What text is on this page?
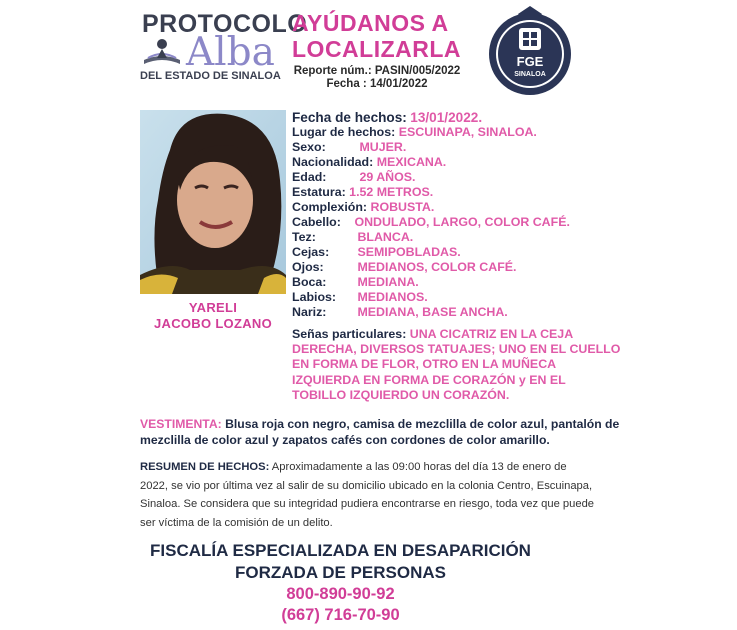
PROTOCOLO
Alba
DEL ESTADO DE SINALOA
AYÚDANOS A
LOCALIZARLA
Reporte núm.: PASIN/005/2022
Fecha : 14/01/2022
FGE
SINALOA
YARELI
JACOBO LOZANO
Fecha de hechos: 13/01/2022.
Lugar de hechos: ESCUINAPA, SINALOA.
Sexo:	MUJER.
Nacionalidad: MEXICANA.
Edad:	29 AÑOS.
Estatura: 1.52 METROS.
Complexión: ROBUSTA.
Cabello: ONDULADO, LARGO, COLOR CAFÉ.
Tez:	BLANCA.
Cejas: SEMIPOBLADAS.
Ojos:	MEDIANOS, COLOR CAFÉ.
Boca:	MEDIANA.
Labios: MEDIANOS.
Nariz:	MEDIANA, BASE ANCHA.
Señas particulares: UNA CICATRIZ EN LA CEJA DERECHA, DIVERSOS TATUAJES; UNO EN EL CUELLO EN FORMA DE FLOR, OTRO EN LA MUÑECA IZQUIERDA EN FORMA DE CORAZÓN y EN EL TOBILLO IZQUIERDO UN CORAZÓN.
VESTIMENTA: Blusa roja con negro, camisa de mezclilla de color azul, pantalón de mezclilla de color azul y zapatos cafés con cordones de color amarillo.
RESUMEN DE HECHOS: Aproximadamente a las 09:00 horas del día 13 de enero de 2022, se vio por última vez al salir de su domicilio ubicado en la colonia Centro, Escuinapa, Sinaloa. Se considera que su integridad pudiera encontrarse en riesgo, toda vez que puede ser víctima de la comisión de un delito.
FISCALÍA ESPECIALIZADA EN DESAPARICIÓN
FORZADA DE PERSONAS
800-890-90-92
(667) 716-70-90
